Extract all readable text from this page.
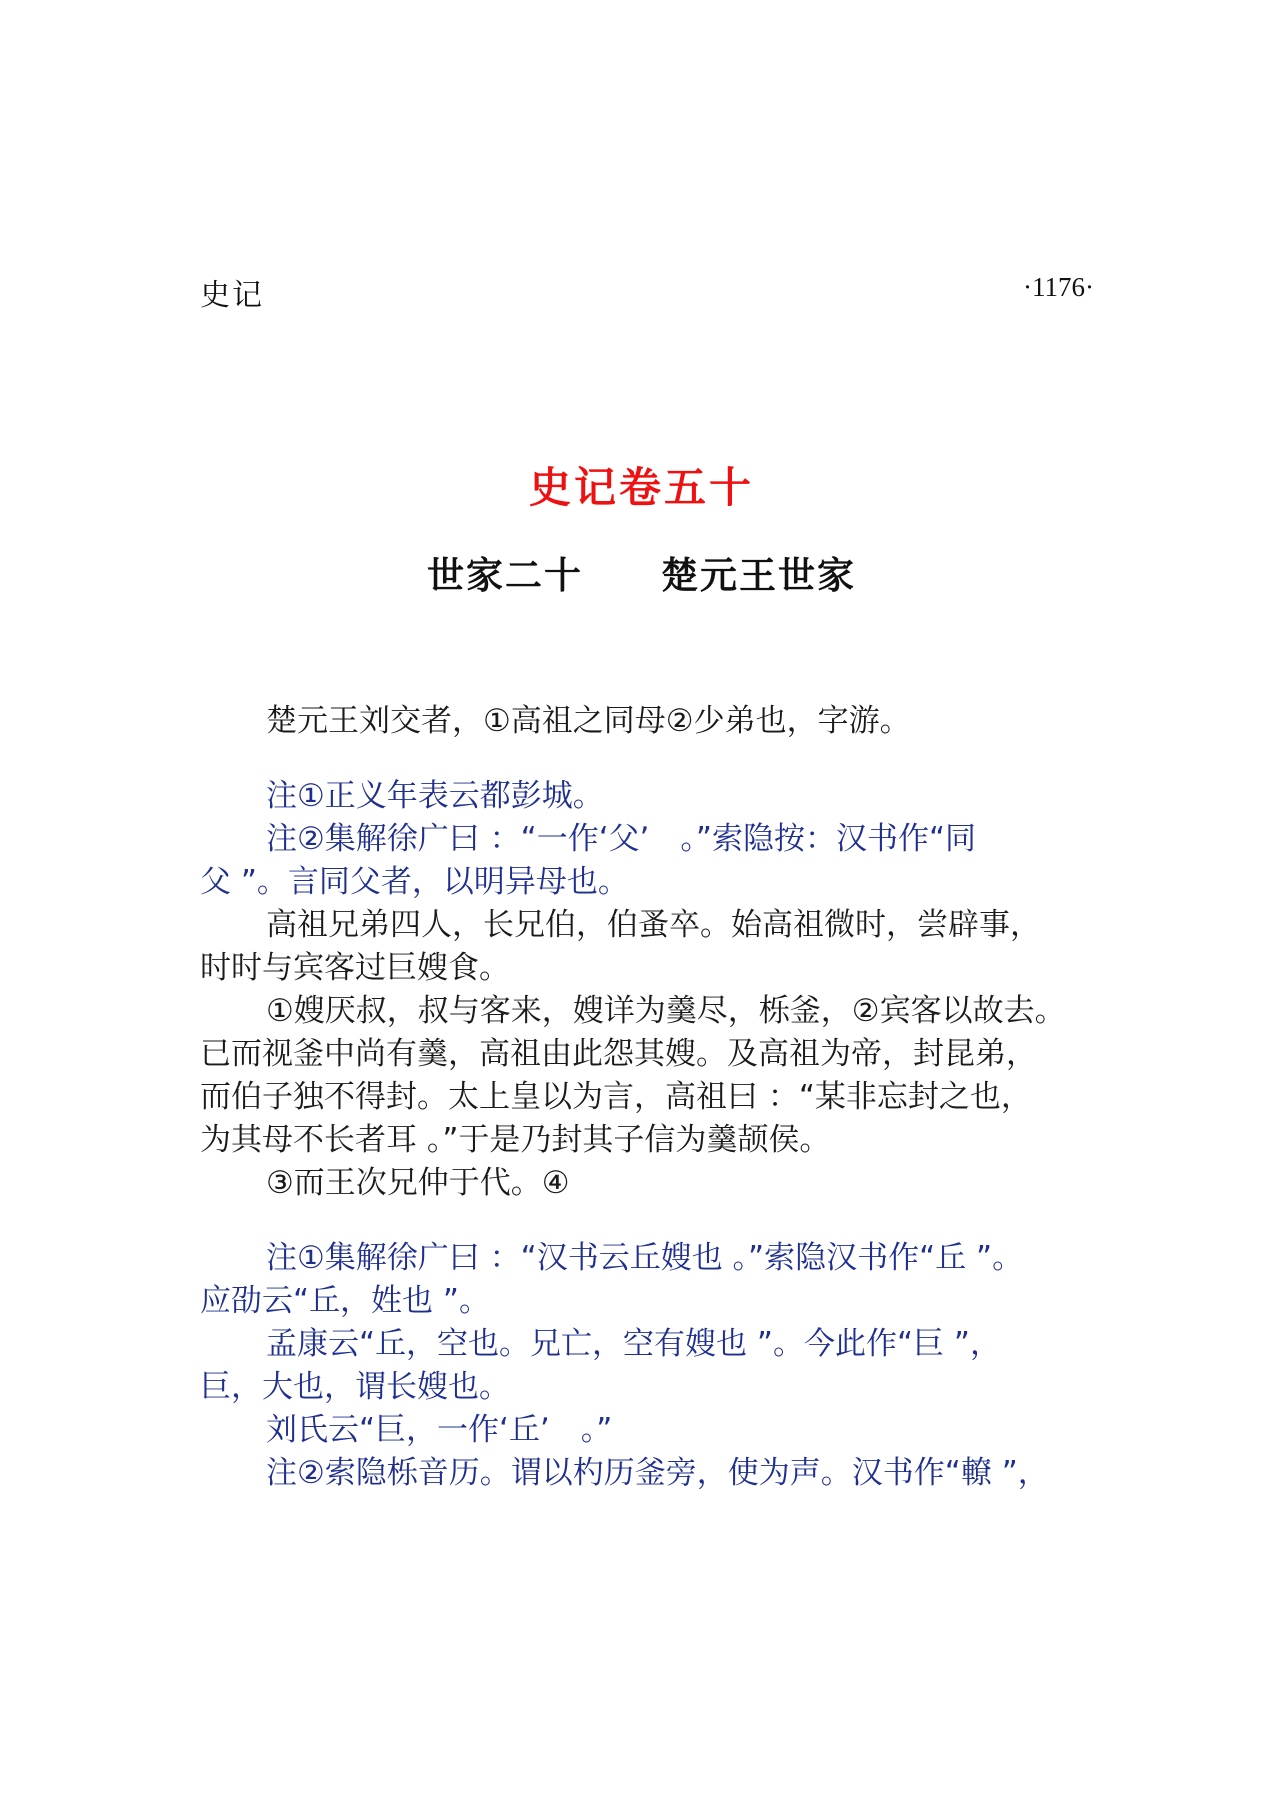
史记	·1176·
史记卷五十
世家二十　　楚元王世家
楚元王刘交者，①高祖之同母②少弟也，字游。
注①正义年表云都彭城。
注②集解徐广曰 ：“一作‘父’　。”索隐按：汉书作“同
父 ”。言同父者，以明异母也。
高祖兄弟四人，长兄伯，伯蚤卒。始高祖微时，尝辟事，
时时与宾客过巨嫂食。
①嫂厌叔，叔与客来，嫂详为羹尽，栎釜，②宾客以故去。
已而视釜中尚有羹，高祖由此怨其嫂。及高祖为帝，封昆弟，
而伯子独不得封。太上皇以为言，高祖曰 ：“某非忘封之也，
为其母不长者耳 。”于是乃封其子信为羹颉侯。
③而王次兄仲于代。④
注①集解徐广曰 ：“汉书云丘嫂也 。”索隐汉书作“丘 ”。
应劭云“丘，姓也 ”。
孟康云“丘，空也。兄亡，空有嫂也 ”。今此作“巨 ”，
巨，大也，谓长嫂也。
刘氏云“巨，一作‘丘’　。”
注②索隐栎音历。谓以杓历釜旁，使为声。汉书作“轑 ”，
